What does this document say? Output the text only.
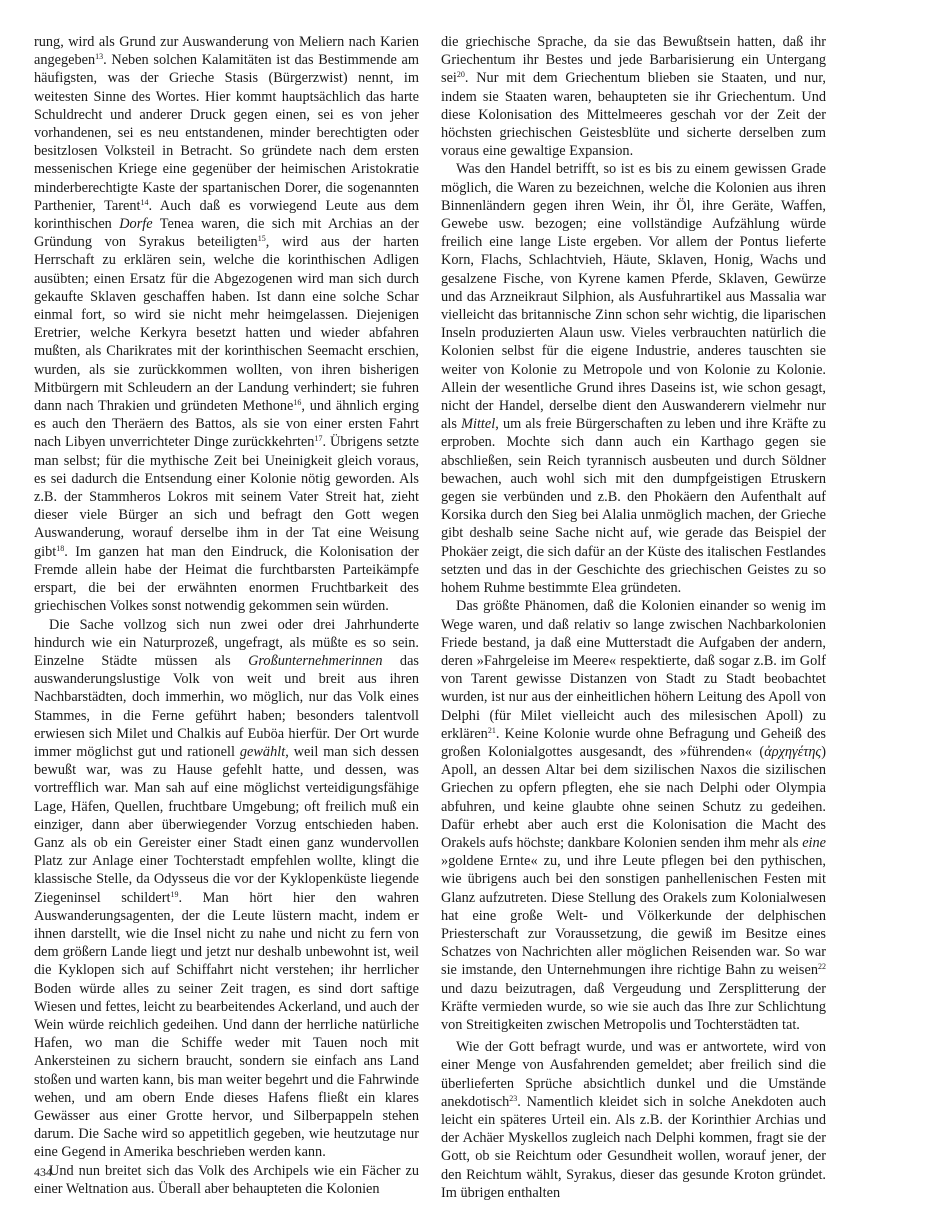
rung, wird als Grund zur Auswanderung von Meliern nach Karien angegeben$^{13}$. Neben solchen Kalamitäten ist das Bestimmende am häufigsten, was der Grieche Stasis (Bürgerzwist) nennt, im weitesten Sinne des Wortes. Hier kommt hauptsächlich das harte Schuldrecht und anderer Druck gegen einen, sei es von jeher vorhandenen, sei es neu entstandenen, minder berechtigten oder besitzlosen Volksteil in Betracht. So gründete nach dem ersten messenischen Kriege eine gegenüber der heimischen Aristokratie minderberechtigte Kaste der spartanischen Dorer, die sogenannten Parthenier, Tarent$^{14}$. Auch daß es vorwiegend Leute aus dem korinthischen Dorfe Tenea waren, die sich mit Archias an der Gründung von Syrakus beteiligten$^{15}$, wird aus der harten Herrschaft zu erklären sein, welche die korinthischen Adligen ausübten; einen Ersatz für die Abgezogenen wird man sich durch gekaufte Sklaven geschaffen haben. Ist dann eine solche Schar einmal fort, so wird sie nicht mehr heimgelassen. Diejenigen Eretrier, welche Kerkyra besetzt hatten und wieder abfahren mußten, als Charikrates mit der korinthischen Seemacht erschien, wurden, als sie zurückkommen wollten, von ihren bisherigen Mitbürgern mit Schleudern an der Landung verhindert; sie fuhren dann nach Thrakien und gründeten Methone$^{16}$, und ähnlich erging es auch den Theräern des Battos, als sie von einer ersten Fahrt nach Libyen unverrichteter Dinge zurückkehrten$^{17}$. Übrigens setzte man selbst; für die mythische Zeit bei Uneinigkeit gleich voraus, es sei dadurch die Entsendung einer Kolonie nötig geworden. Als z.B. der Stammheros Lokros mit seinem Vater Streit hat, zieht dieser viele Bürger an sich und befragt den Gott wegen Auswanderung, worauf derselbe ihm in der Tat eine Weisung gibt$^{18}$. Im ganzen hat man den Eindruck, die Kolonisation der Fremde allein habe der Heimat die furchtbarsten Parteikämpfe erspart, die bei der erwähnten enormen Fruchtbarkeit des griechischen Volkes sonst notwendig gekommen sein würden.

Die Sache vollzog sich nun zwei oder drei Jahrhunderte hindurch wie ein Naturprozeß, ungefragt, als müßte es so sein. Einzelne Städte müssen als Großunternehmerinnen das auswanderungslustige Volk von weit und breit aus ihren Nachbarstädten, doch immerhin, wo möglich, nur das Volk eines Stammes, in die Ferne geführt haben; besonders talentvoll erwiesen sich Milet und Chalkis auf Euböa hierfür. Der Ort wurde immer möglichst gut und rationell gewählt, weil man sich dessen bewußt war, was zu Hause gefehlt hatte, und dessen, was vortrefflich war. Man sah auf eine möglichst verteidigungsfähige Lage, Häfen, Quellen, fruchtbare Umgebung; oft freilich muß ein einziger, dann aber überwiegender Vorzug entschieden haben. Ganz als ob ein Gereister einer Stadt einen ganz wundervollen Platz zur Anlage einer Tochterstadt empfehlen wollte, klingt die klassische Stelle, da Odysseus die vor der Kyklopenküste liegende Ziegeninsel schildert$^{19}$. Man hört hier den wahren Auswanderungsagenten, der die Leute lüstern macht, indem er ihnen darstellt, wie die Insel nicht zu nahe und nicht zu fern von dem größern Lande liegt und jetzt nur deshalb unbewohnt ist, weil die Kyklopen sich auf Schiffahrt nicht verstehen; ihr herrlicher Boden würde alles zu seiner Zeit tragen, es sind dort saftige Wiesen und fettes, leicht zu bearbeitendes Ackerland, und auch der Wein würde reichlich gedeihen. Und dann der herrliche natürliche Hafen, wo man die Schiffe weder mit Tauen noch mit Ankersteinen zu sichern braucht, sondern sie einfach ans Land stoßen und warten kann, bis man weiter begehrt und die Fahrwinde wehen, und am obern Ende dieses Hafens fließt ein klares Gewässer aus einer Grotte hervor, und Silberpappeln stehen darum. Die Sache wird so appetitlich gegeben, wie heutzutage nur eine Gegend in Amerika beschrieben werden kann.

Und nun breitet sich das Volk des Archipels wie ein Fächer zu einer Weltnation aus. Überall aber behaupteten die Kolonien

die griechische Sprache, da sie das Bewußtsein hatten, daß ihr Griechentum ihr Bestes und jede Barbarisierung ein Untergang sei$^{20}$. Nur mit dem Griechentum blieben sie Staaten, und nur, indem sie Staaten waren, behaupteten sie ihr Griechentum. Und diese Kolonisation des Mittelmeeres geschah vor der Zeit der höchsten griechischen Geistesblüte und sicherte derselben zum voraus eine gewaltige Expansion.

Was den Handel betrifft, so ist es bis zu einem gewissen Grade möglich, die Waren zu bezeichnen, welche die Kolonien aus ihren Binnenländern gegen ihren Wein, ihr Öl, ihre Geräte, Waffen, Gewebe usw. bezogen; eine vollständige Aufzählung würde freilich eine lange Liste ergeben. Vor allem der Pontus lieferte Korn, Flachs, Schlachtvieh, Häute, Sklaven, Honig, Wachs und gesalzene Fische, von Kyrene kamen Pferde, Sklaven, Gewürze und das Arzneikraut Silphion, als Ausfuhrartikel aus Massalia war vielleicht das britannische Zinn schon sehr wichtig, die liparischen Inseln produzierten Alaun usw. Vieles verbrauchten natürlich die Kolonien selbst für die eigene Industrie, anderes tauschten sie weiter von Kolonie zu Metropole und von Kolonie zu Kolonie. Allein der wesentliche Grund ihres Daseins ist, wie schon gesagt, nicht der Handel, derselbe dient den Auswanderern vielmehr nur als Mittel, um als freie Bürgerschaften zu leben und ihre Kräfte zu erproben. Mochte sich dann auch ein Karthago gegen sie abschließen, sein Reich tyrannisch ausbeuten und durch Söldner bewachen, auch wohl sich mit den dumpfgeistigen Etruskern gegen sie verbünden und z.B. den Phokäern den Aufenthalt auf Korsika durch den Sieg bei Alalia unmöglich machen, der Grieche gibt deshalb seine Sache nicht auf, wie gerade das Beispiel der Phokäer zeigt, die sich dafür an der Küste des italischen Festlandes setzten und das in der Geschichte des griechischen Geistes zu so hohem Ruhme bestimmte Elea gründeten.

Das größte Phänomen, daß die Kolonien einander so wenig im Wege waren, und daß relativ so lange zwischen Nachbarkolonien Friede bestand, ja daß eine Mutterstadt die Aufgaben der andern, deren »Fahrgeleise im Meere« respektierte, daß sogar z.B. im Golf von Tarent gewisse Distanzen von Stadt zu Stadt beobachtet wurden, ist nur aus der einheitlichen höhern Leitung des Apoll von Delphi (für Milet vielleicht auch des milesischen Apoll) zu erklären$^{21}$. Keine Kolonie wurde ohne Befragung und Geheiß des großen Kolonialgottes ausgesandt, des »führenden« (ἀρχηγέτης) Apoll, an dessen Altar bei dem sizilischen Naxos die sizilischen Griechen zu opfern pflegten, ehe sie nach Delphi oder Olympia abfuhren, und keine glaubte ohne seinen Schutz zu gedeihen. Dafür erhebt aber auch erst die Kolonisation die Macht des Orakels aufs höchste; dankbare Kolonien senden ihm mehr als eine »goldene Ernte« zu, und ihre Leute pflegen bei den pythischen, wie übrigens auch bei den sonstigen panhellenischen Festen mit Glanz aufzutreten. Diese Stellung des Orakels zum Kolonialwesen hat eine große Welt- und Völkerkunde der delphischen Priesterschaft zur Voraussetzung, die gewiß im Besitze eines Schatzes von Nachrichten aller möglichen Reisenden war. So war sie imstande, den Unternehmungen ihre richtige Bahn zu weisen$^{22}$ und dazu beizutragen, daß Vergeudung und Zersplitterung der Kräfte vermieden wurde, so wie sie auch das Ihre zur Schlichtung von Streitigkeiten zwischen Metropolis und Tochterstädten tat.

Wie der Gott befragt wurde, und was er antwortete, wird von einer Menge von Ausfahrenden gemeldet; aber freilich sind die überlieferten Sprüche absichtlich dunkel und die Umstände anekdotisch$^{23}$. Namentlich kleidet sich in solche Anekdoten auch leicht ein späteres Urteil ein. Als z.B. der Korinthier Archias und der Achäer Myskellos zugleich nach Delphi kommen, fragt sie der Gott, ob sie Reichtum oder Gesundheit wollen, worauf jener, der den Reichtum wählt, Syrakus, dieser das gesunde Kroton gründet. Im übrigen enthalten

434
